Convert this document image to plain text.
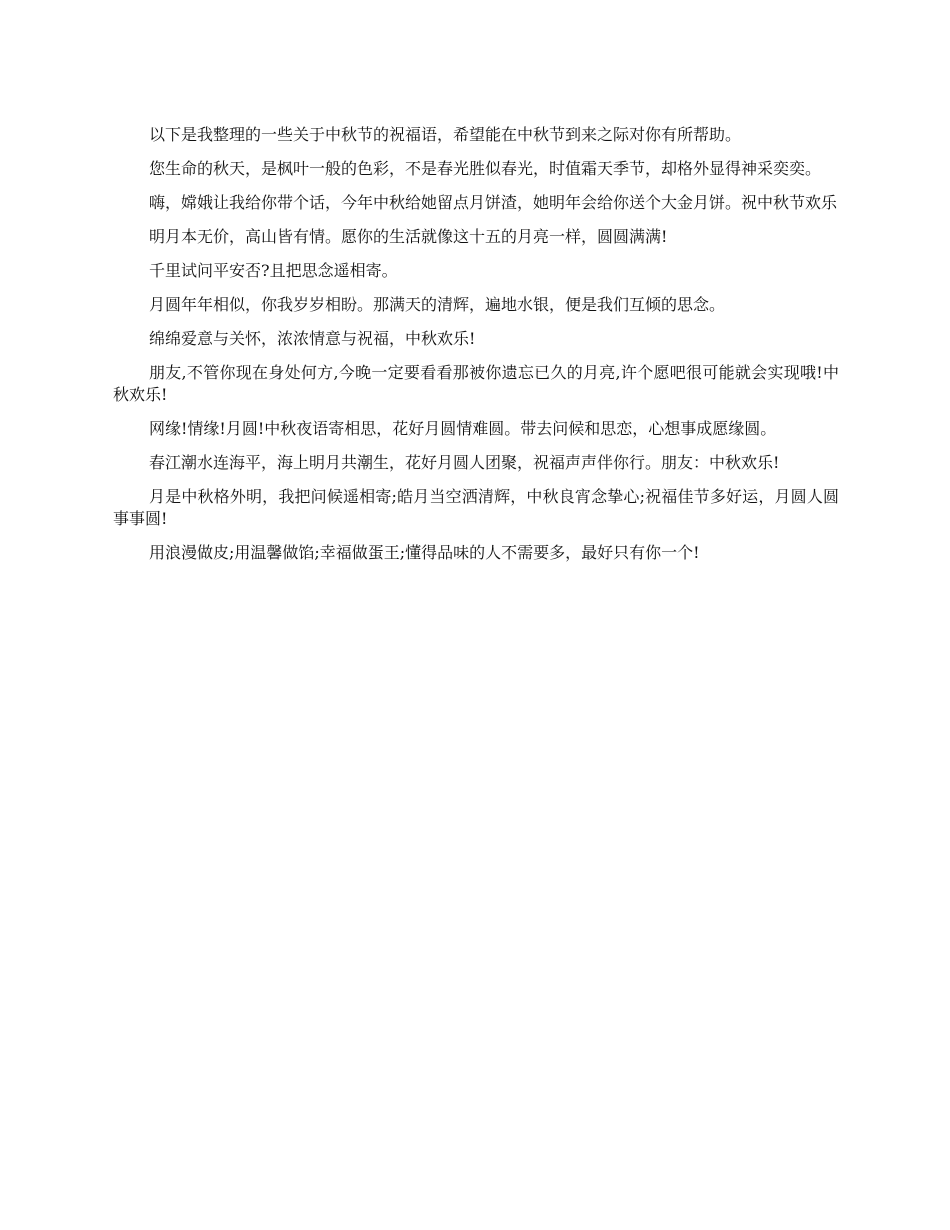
以下是我整理的一些关于中秋节的祝福语，希望能在中秋节到来之际对你有所帮助。

您生命的秋天，是枫叶一般的色彩，不是春光胜似春光，时值霜天季节，却格外显得神采奕奕。

嗨，嫦娥让我给你带个话，今年中秋给她留点月饼渣，她明年会给你送个大金月饼。祝中秋节欢乐

明月本无价，高山皆有情。愿你的生活就像这十五的月亮一样，圆圆满满!

千里试问平安否?且把思念遥相寄。

月圆年年相似，你我岁岁相盼。那满天的清辉，遍地水银，便是我们互倾的思念。

绵绵爱意与关怀，浓浓情意与祝福，中秋欢乐!

朋友,不管你现在身处何方,今晚一定要看看那被你遗忘已久的月亮,许个愿吧很可能就会实现哦!中秋欢乐!

网缘!情缘!月圆!中秋夜语寄相思，花好月圆情难圆。带去问候和思恋，心想事成愿缘圆。

春江潮水连海平，海上明月共潮生，花好月圆人团聚，祝福声声伴你行。朋友：中秋欢乐!

月是中秋格外明，我把问候遥相寄;皓月当空洒清辉，中秋良宵念挚心;祝福佳节多好运，月圆人圆事事圆!

用浪漫做皮;用温馨做馅;幸福做蛋王;懂得品味的人不需要多，最好只有你一个!
